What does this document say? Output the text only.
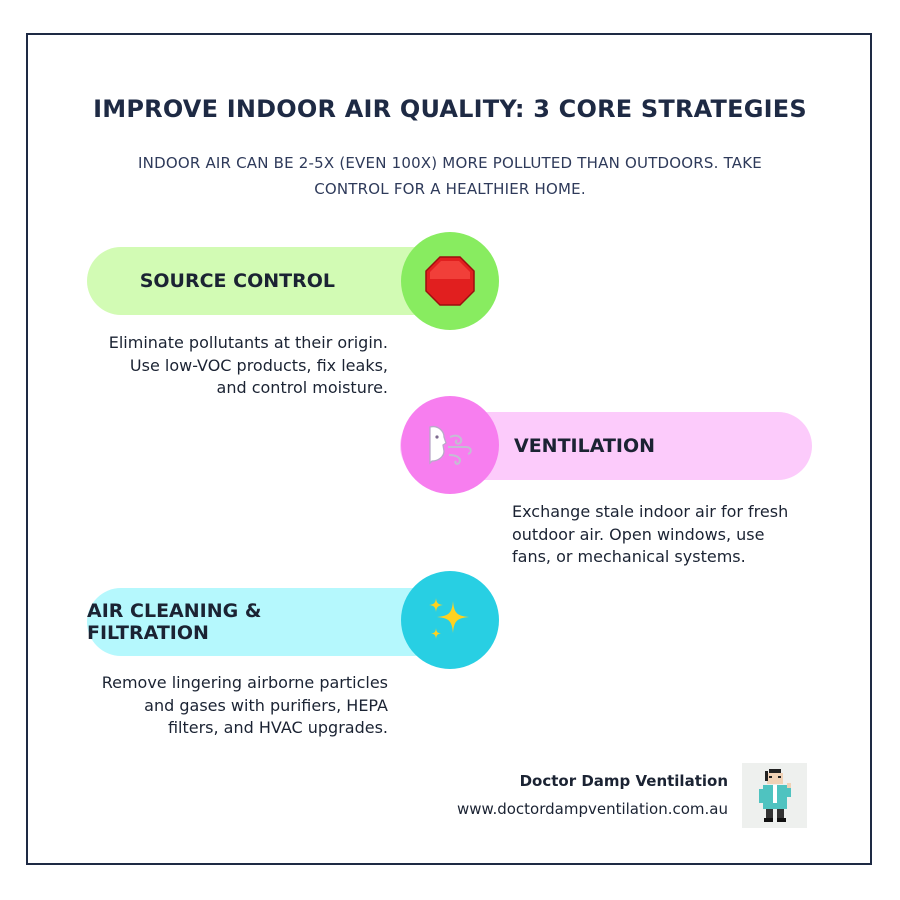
IMPROVE INDOOR AIR QUALITY: 3 CORE STRATEGIES
INDOOR AIR CAN BE 2-5X (EVEN 100X) MORE POLLUTED THAN OUTDOORS. TAKE CONTROL FOR A HEALTHIER HOME.
SOURCE CONTROL
Eliminate pollutants at their origin. Use low-VOC products, fix leaks, and control moisture.
VENTILATION
Exchange stale indoor air for fresh outdoor air. Open windows, use fans, or mechanical systems.
AIR CLEANING & FILTRATION
Remove lingering airborne particles and gases with purifiers, HEPA filters, and HVAC upgrades.
Doctor Damp Ventilation
www.doctordampventilation.com.au
